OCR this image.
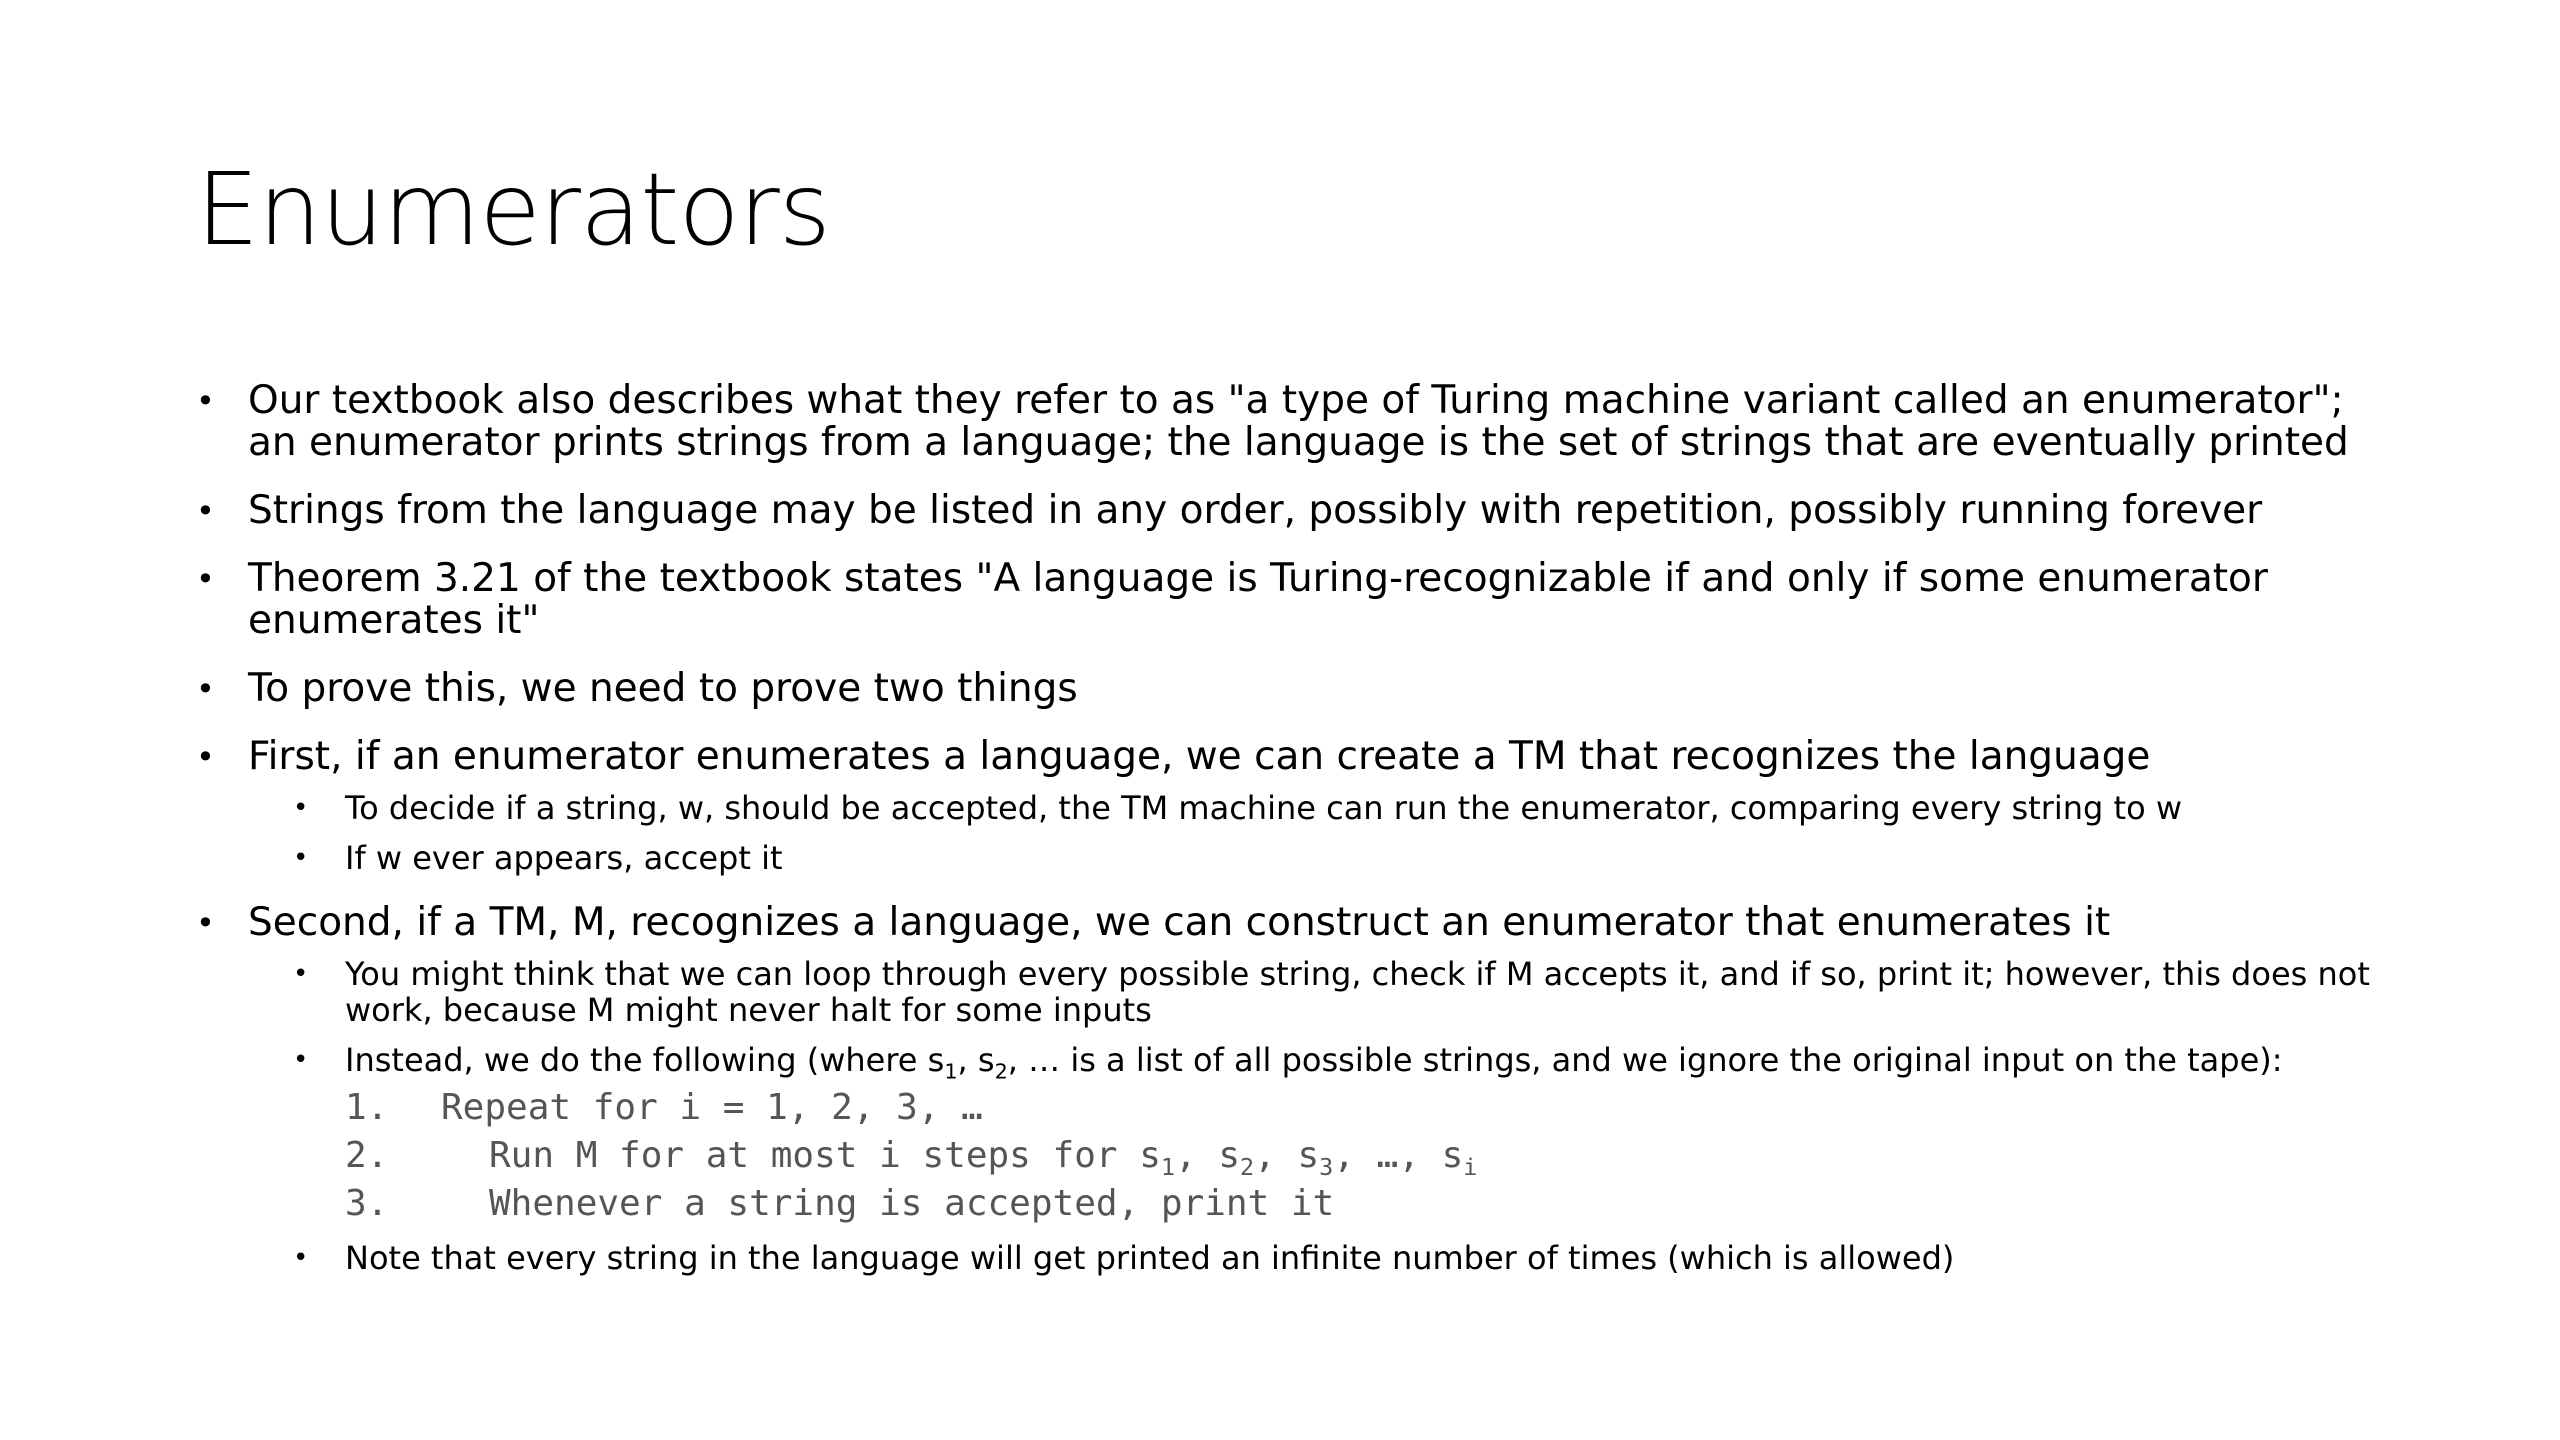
Enumerators
• Our textbook also describes what they refer to as "a type of Turing machine variant called an enumerator"; an enumerator prints strings from a language; the language is the set of strings that are eventually printed
• Strings from the language may be listed in any order, possibly with repetition, possibly running forever
• Theorem 3.21 of the textbook states "A language is Turing-recognizable if and only if some enumerator enumerates it"
• To prove this, we need to prove two things
• First, if an enumerator enumerates a language, we can create a TM that recognizes the language
• To decide if a string, w, should be accepted, the TM machine can run the enumerator, comparing every string to w
• If w ever appears, accept it
• Second, if a TM, M, recognizes a language, we can construct an enumerator that enumerates it
• You might think that we can loop through every possible string, check if M accepts it, and if so, print it; however, this does not work, because M might never halt for some inputs
• Instead, we do the following (where $s_1$, $s_2$, … is a list of all possible strings, and we ignore the original input on the tape):
1. Repeat for i = 1, 2, 3, …
2.	Run M for at most i steps for $s_1$, $s_2$, $s_3$, …, $s_i$
3.	Whenever a string is accepted, print it
• Note that every string in the language will get printed an infinite number of times (which is allowed)
